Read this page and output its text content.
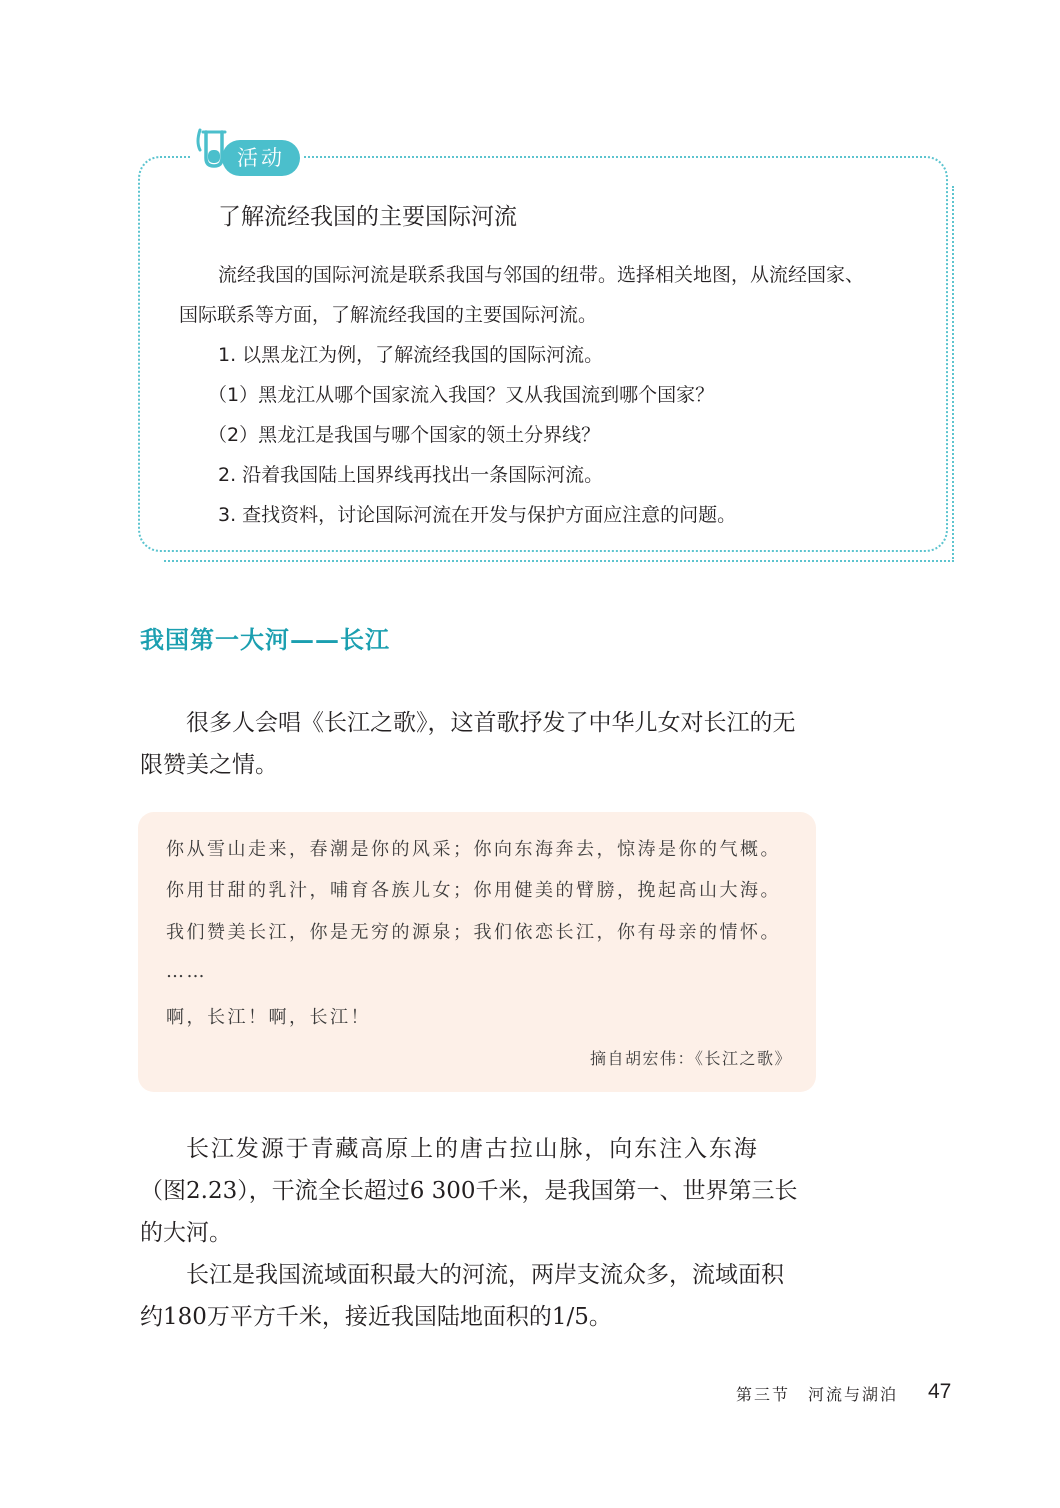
活动
了解流经我国的主要国际河流
流经我国的国际河流是联系我国与邻国的纽带。选择相关地图，从流经国家、
国际联系等方面，了解流经我国的主要国际河流。
1. 以黑龙江为例，了解流经我国的国际河流。
（1）黑龙江从哪个国家流入我国？又从我国流到哪个国家？
（2）黑龙江是我国与哪个国家的领土分界线？
2. 沿着我国陆上国界线再找出一条国际河流。
3. 查找资料，讨论国际河流在开发与保护方面应注意的问题。
我国第一大河——长江
很多人会唱《长江之歌》，这首歌抒发了中华儿女对长江的无
限赞美之情。
你从雪山走来，春潮是你的风采；你向东海奔去，惊涛是你的气概。
你用甘甜的乳汁，哺育各族儿女；你用健美的臂膀，挽起高山大海。
我们赞美长江，你是无穷的源泉；我们依恋长江，你有母亲的情怀。
……
啊，长江！啊，长江！
摘自胡宏伟：《长江之歌》
长江发源于青藏高原上的唐古拉山脉，向东注入东海
（图2.23），干流全长超过6 300千米，是我国第一、世界第三长
的大河。
长江是我国流域面积最大的河流，两岸支流众多，流域面积
约180万平方千米，接近我国陆地面积的1/5。
第三节　河流与湖泊 47
